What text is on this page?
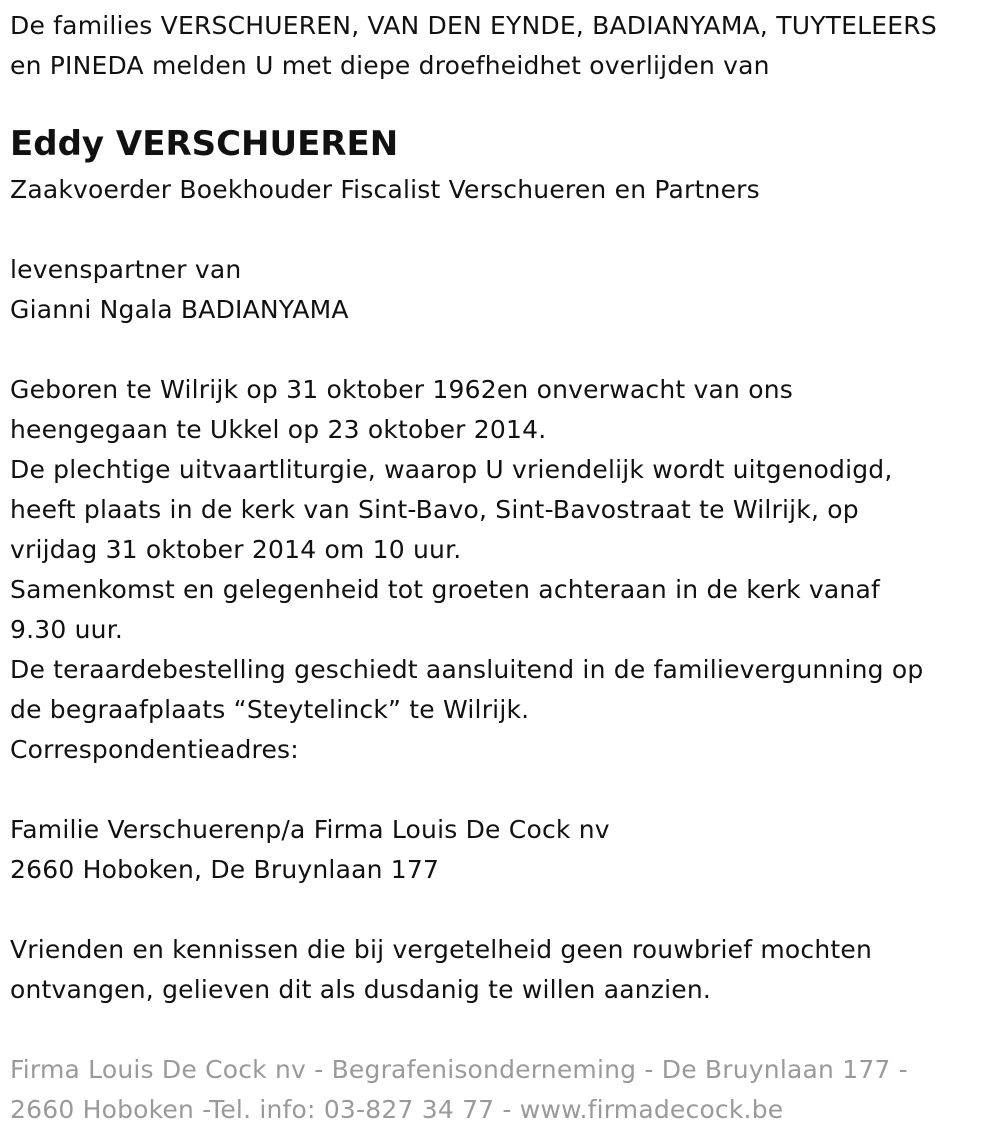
De families VERSCHUEREN, VAN DEN EYNDE, BADIANYAMA, TUYTELEERS
en PINEDA melden U met diepe droefheidhet overlijden van
Eddy VERSCHUEREN
Zaakvoerder Boekhouder Fiscalist Verschueren en Partners
levenspartner van
Gianni Ngala BADIANYAMA
Geboren te Wilrijk op 31 oktober 1962en onverwacht van ons
heengegaan te Ukkel op 23 oktober 2014.
De plechtige uitvaartliturgie, waarop U vriendelijk wordt uitgenodigd,
heeft plaats in de kerk van Sint-Bavo, Sint-Bavostraat te Wilrijk, op
vrijdag 31 oktober 2014 om 10 uur.
Samenkomst en gelegenheid tot groeten achteraan in de kerk vanaf
9.30 uur.
De teraardebestelling geschiedt aansluitend in de familievergunning op
de begraafplaats “Steytelinck” te Wilrijk.
Correspondentieadres:
Familie Verschuerenp/a Firma Louis De Cock nv
2660 Hoboken, De Bruynlaan 177
Vrienden en kennissen die bij vergetelheid geen rouwbrief mochten
ontvangen, gelieven dit als dusdanig te willen aanzien.
Firma Louis De Cock nv - Begrafenisonderneming - De Bruynlaan 177 -
2660 Hoboken -Tel. info: 03-827 34 77 - www.firmadecock.be
